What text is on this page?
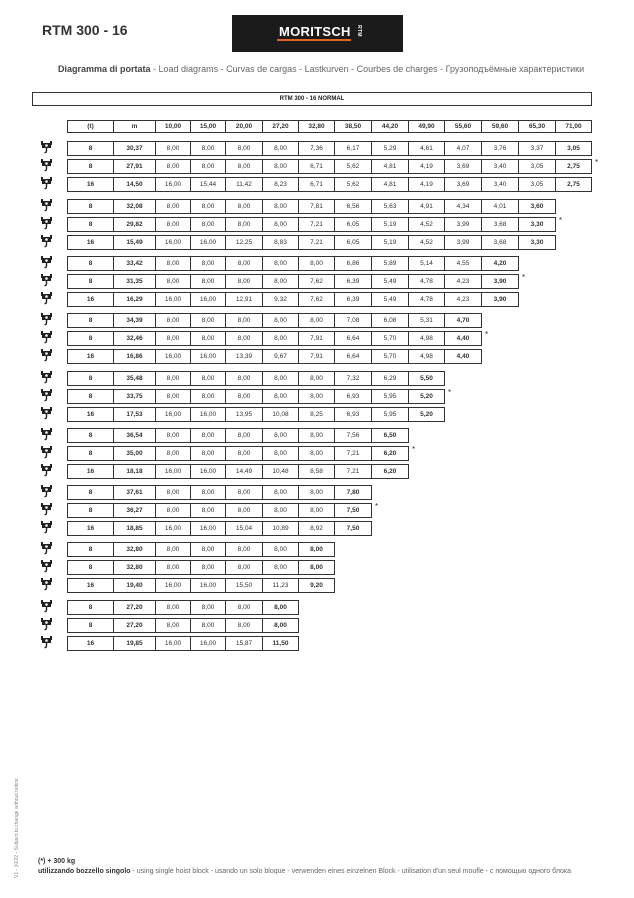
RTM 300 - 16	MORITSCH RTM
Diagramma di portata - Load diagrams - Curvas de cargas - Lastkurven - Courbes de charges - Грузоподъёмные характеристики
RTM 300 - 16 NORMAL
(t)	m	10,00	15,00	20,00	27,20	32,80	38,50	44,20	49,90	55,60	59,60	65,30	71,00
8	30,37	8,00	8,00	8,00	8,00	7,36	6,17	5,29	4,61	4,07	3,76	3,37	3,05
8	27,91	8,00	8,00	8,00	8,00	6,71	5,62	4,81	4,19	3,69	3,40	3,05	2,75	*
16	14,50	16,00	15,44	11,42	8,23	6,71	5,62	4,81	4,19	3,69	3,40	3,05	2,75
8	32,08	8,00	8,00	8,00	8,00	7,81	6,56	5,63	4,91	4,34	4,01	3,60
8	29,82	8,00	8,00	8,00	8,00	7,21	6,05	5,19	4,52	3,99	3,68	3,30	*
16	15,49	16,00	16,00	12,25	8,83	7,21	6,05	5,19	4,52	3,99	3,68	3,30
8	33,42	8,00	8,00	8,00	8,00	8,00	6,86	5,89	5,14	4,55	4,20
8	31,35	8,00	8,00	8,00	8,00	7,62	6,39	5,49	4,78	4,23	3,90	*
16	16,29	16,00	16,00	12,91	9,32	7,62	6,39	5,49	4,78	4,23	3,90
8	34,39	8,00	8,00	8,00	8,00	8,00	7,08	6,08	5,31	4,70
8	32,46	8,00	8,00	8,00	8,00	7,91	6,64	5,70	4,98	4,40	*
16	16,86	16,00	16,00	13,39	9,67	7,91	6,64	5,70	4,98	4,40
8	35,48	8,00	8,00	8,00	8,00	8,00	7,32	6,29	5,50
8	33,75	8,00	8,00	8,00	8,00	8,00	6,93	5,95	5,20	*
16	17,53	16,00	16,00	13,95	10,08	8,25	6,93	5,95	5,20
8	36,54	8,00	8,00	8,00	8,00	8,00	7,56	6,50
8	35,00	8,00	8,00	8,00	8,00	8,00	7,21	6,20	*
16	18,18	16,00	16,00	14,49	10,48	8,58	7,21	6,20
8	37,61	8,00	8,00	8,00	8,00	8,00	7,80
8	36,27	8,00	8,00	8,00	8,00	8,00	7,50	*
16	18,85	16,00	16,00	15,04	10,89	8,92	7,50
8	32,80	8,00	8,00	8,00	8,00	8,00
8	32,80	8,00	8,00	8,00	8,00	8,00
16	19,40	16,00	16,00	15,50	11,23	9,20
8	27,20	8,00	8,00	8,00	8,00
8	27,20	8,00	8,00	8,00	8,00
16	19,85	16,00	16,00	15,87	11,50
V1 - 10/22 - Subject to change without notice	(*) + 300 kg
utilizzando bozzello singolo - using single hoist block - usando un solo bloque - verwenden eines einzelnen Block - utilisation d'un seul moufle - с помощью одного блока
